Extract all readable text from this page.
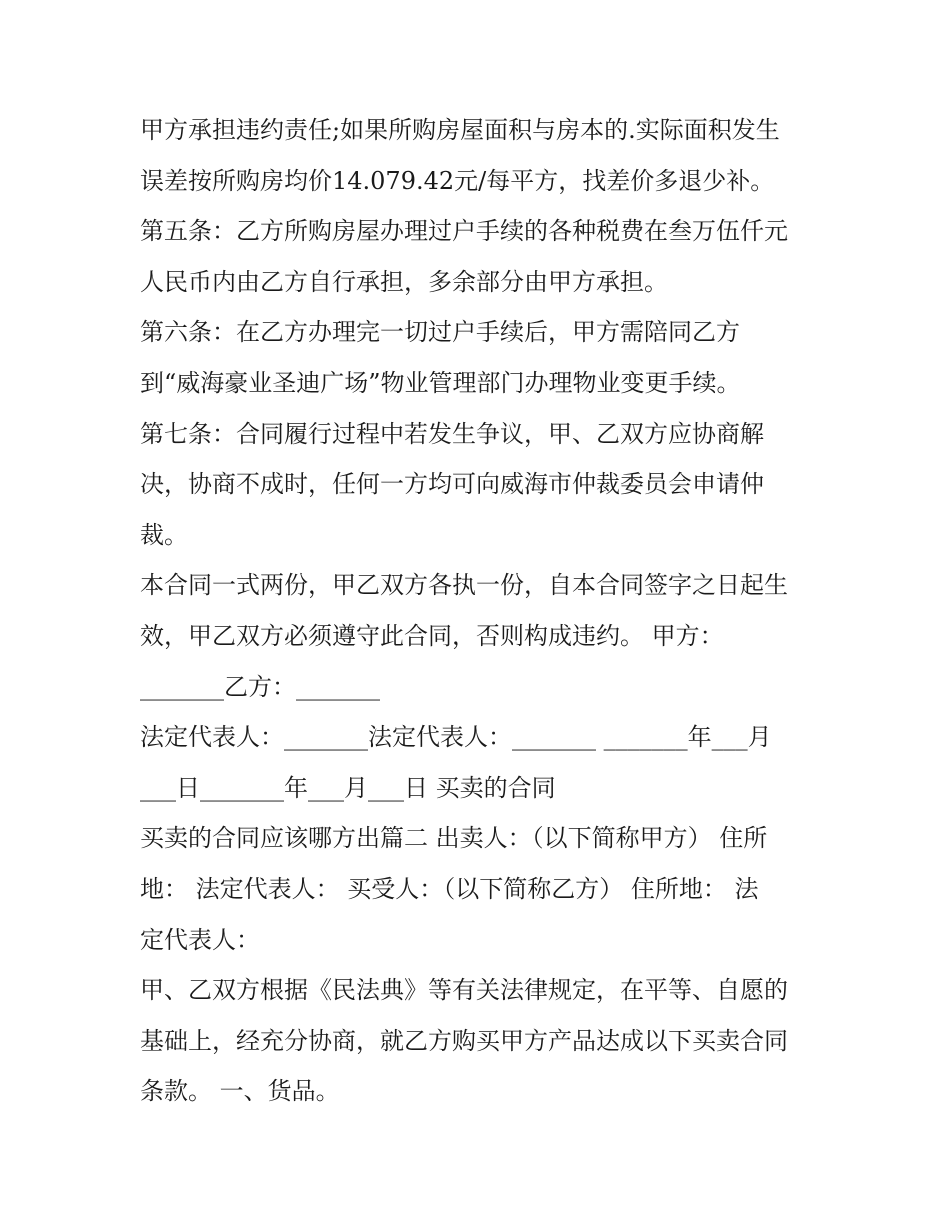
甲方承担违约责任;如果所购房屋面积与房本的.实际面积发生
误差按所购房均价14.079.42元/每平方，找差价多退少补。
第五条：乙方所购房屋办理过户手续的各种税费在叁万伍仟元
人民币内由乙方自行承担，多余部分由甲方承担。
第六条：在乙方办理完一切过户手续后，甲方需陪同乙方
到“威海豪业圣迪广场”物业管理部门办理物业变更手续。
第七条：合同履行过程中若发生争议，甲、乙双方应协商解
决，协商不成时，任何一方均可向威海市仲裁委员会申请仲
裁。
本合同一式两份，甲乙双方各执一份，自本合同签字之日起生
效，甲乙双方必须遵守此合同，否则构成违约。 甲方：
_______乙方：_______
法定代表人：_______法定代表人：_______ _______年___月
___日_______年___月___日 买卖的合同
买卖的合同应该哪方出篇二 出卖人：（以下简称甲方） 住所
地： 法定代表人： 买受人：（以下简称乙方） 住所地： 法
定代表人：
甲、乙双方根据《民法典》等有关法律规定，在平等、自愿的
基础上，经充分协商，就乙方购买甲方产品达成以下买卖合同
条款。 一、货品。
